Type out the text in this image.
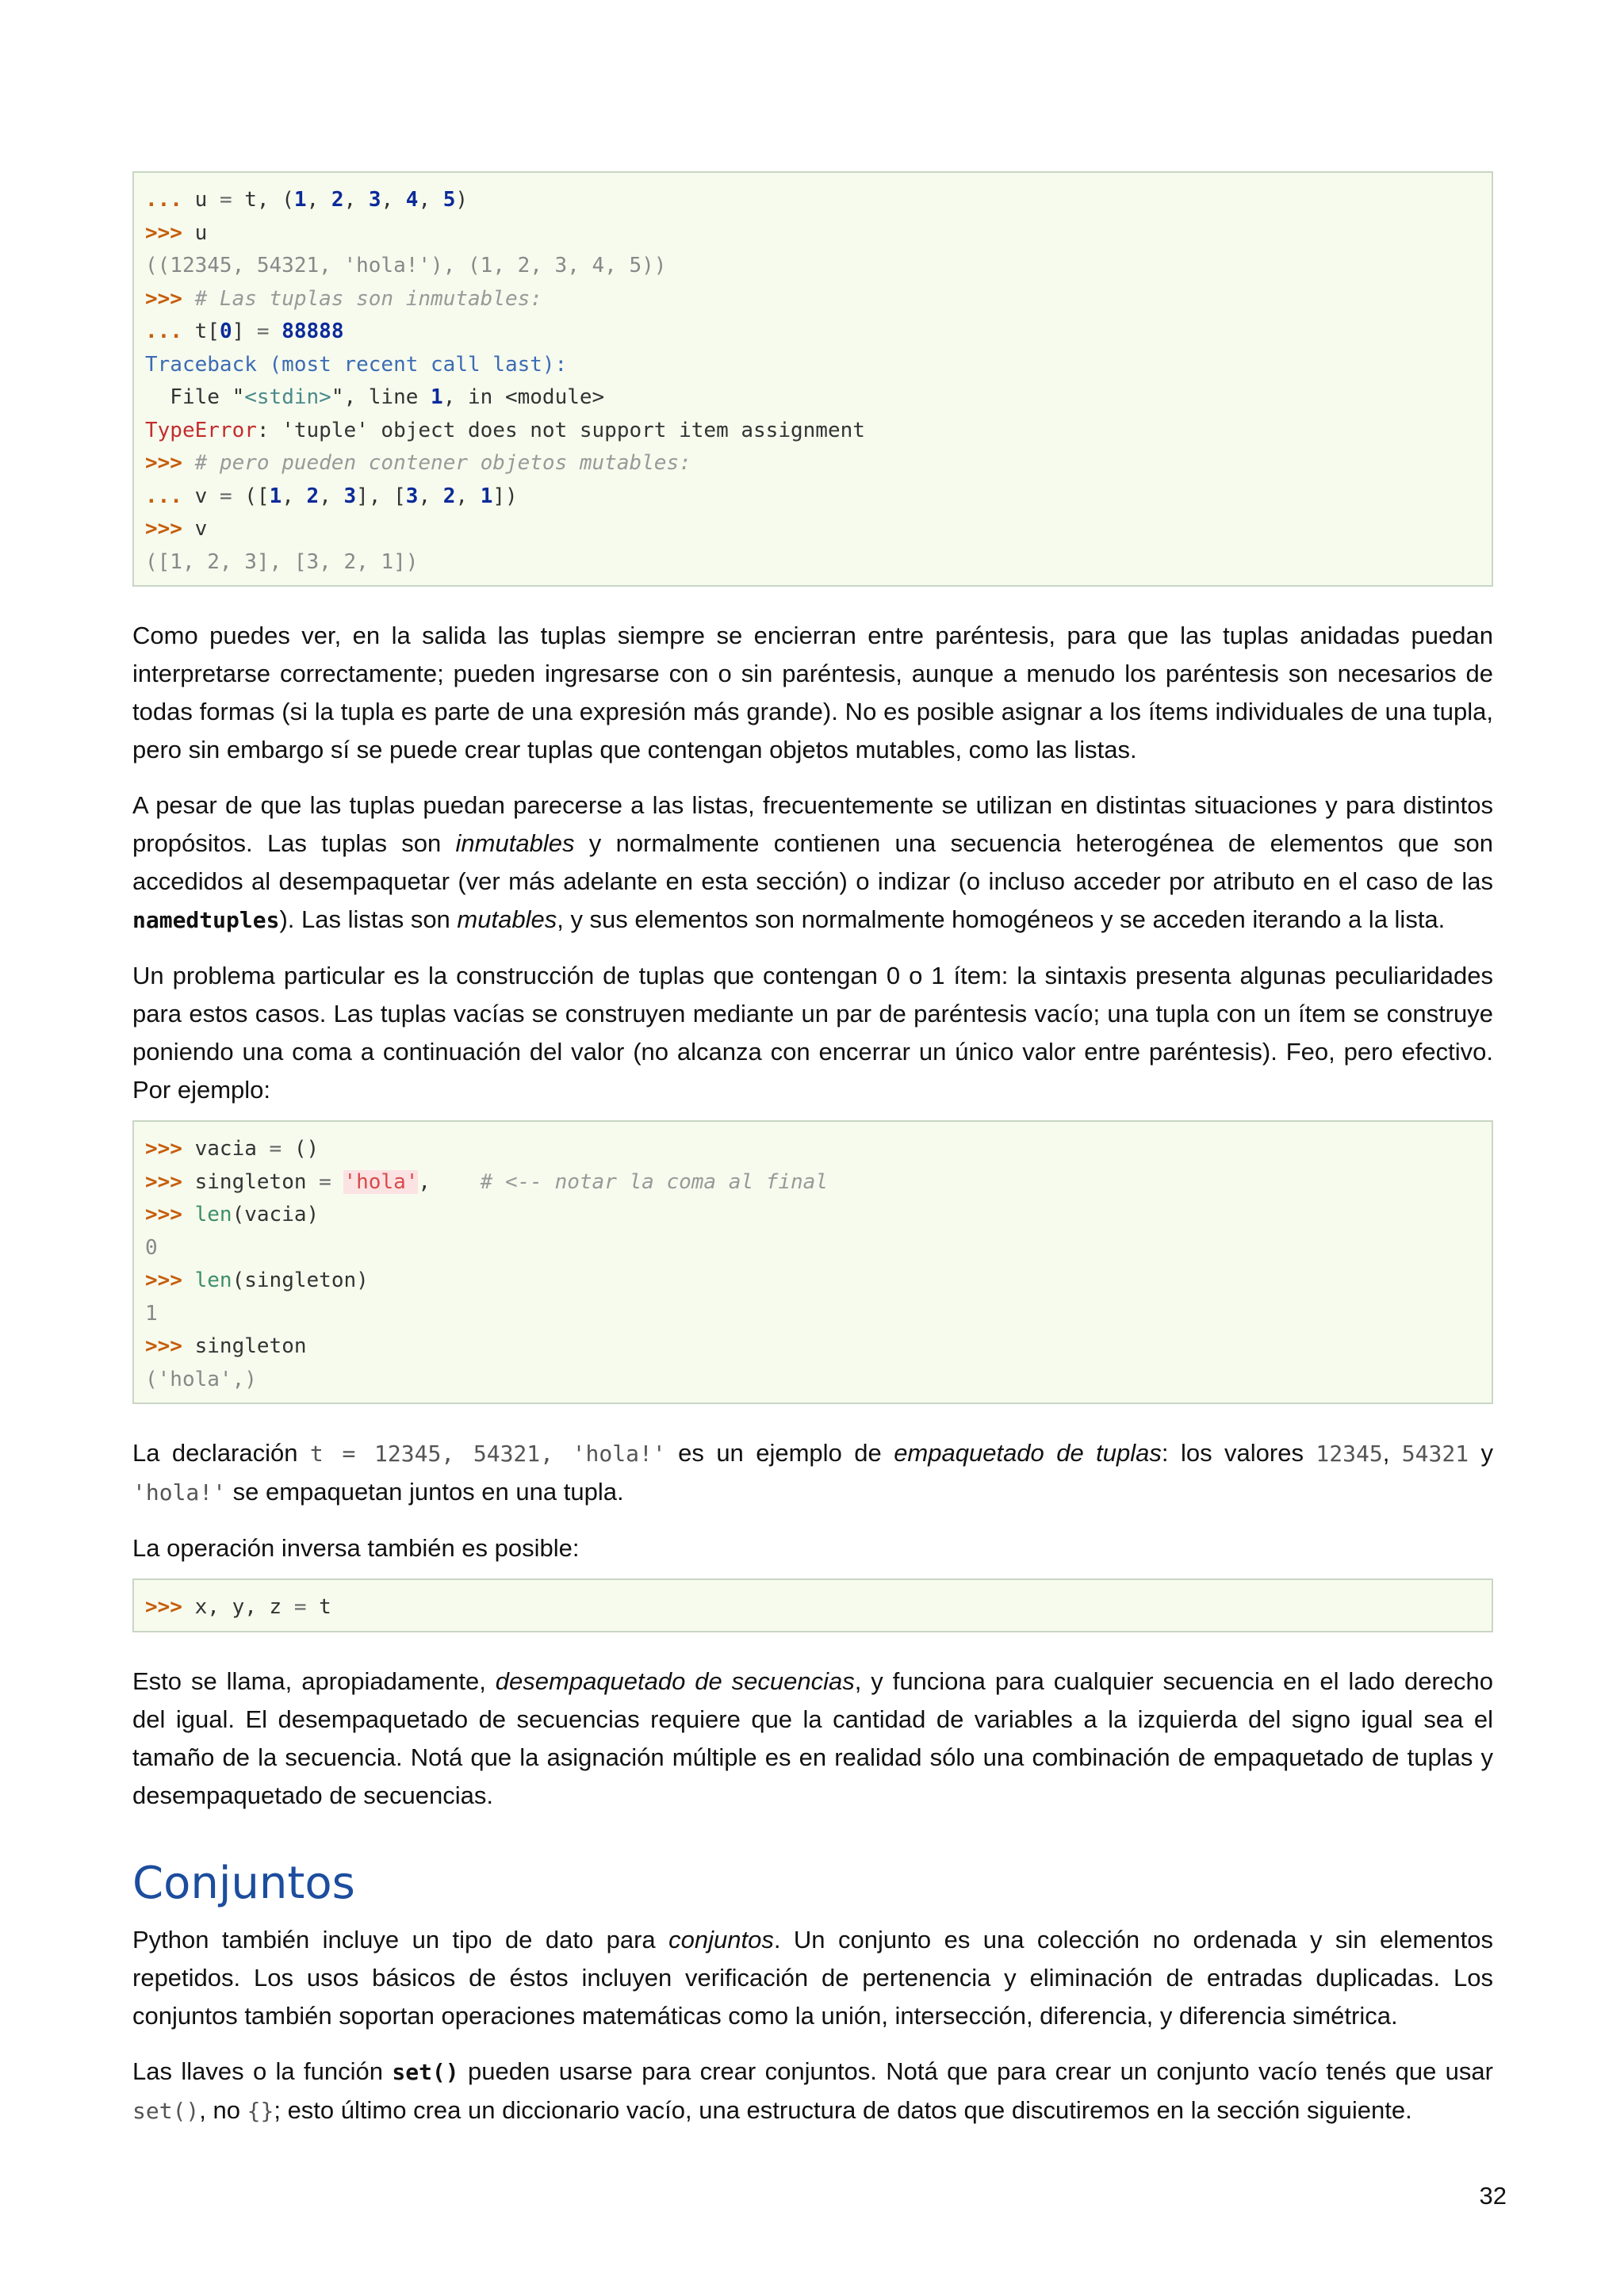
... u = t, (1, 2, 3, 4, 5)
>>> u
((12345, 54321, 'hola!'), (1, 2, 3, 4, 5))
>>> # Las tuplas son inmutables:
... t[0] = 88888
Traceback (most recent call last):
File "<stdin>", line 1, in <module>
TypeError: 'tuple' object does not support item assignment
>>> # pero pueden contener objetos mutables:
... v = ([1, 2, 3], [3, 2, 1])
>>> v
([1, 2, 3], [3, 2, 1])

Como puedes ver, en la salida las tuplas siempre se encierran entre paréntesis, para que las tuplas anidadas puedan interpretarse correctamente; pueden ingresarse con o sin paréntesis, aunque a menudo los paréntesis son necesarios de todas formas (si la tupla es parte de una expresión más grande). No es posible asignar a los ítems individuales de una tupla, pero sin embargo sí se puede crear tuplas que contengan objetos mutables, como las listas.

A pesar de que las tuplas puedan parecerse a las listas, frecuentemente se utilizan en distintas situaciones y para distintos propósitos. Las tuplas son inmutables y normalmente contienen una secuencia heterogénea de elementos que son accedidos al desempaquetar (ver más adelante en esta sección) o indizar (o incluso acceder por atributo en el caso de las namedtuples). Las listas son mutables, y sus elementos son normalmente homogéneos y se acceden iterando a la lista.

Un problema particular es la construcción de tuplas que contengan 0 o 1 ítem: la sintaxis presenta algunas peculiaridades para estos casos. Las tuplas vacías se construyen mediante un par de paréntesis vacío; una tupla con un ítem se construye poniendo una coma a continuación del valor (no alcanza con encerrar un único valor entre paréntesis). Feo, pero efectivo. Por ejemplo:

>>> vacia = ()
>>> singleton = 'hola', # <-- notar la coma al final
>>> len(vacia)
0
>>> len(singleton)
1
>>> singleton
('hola',)

La declaración t = 12345, 54321, 'hola!' es un ejemplo de empaquetado de tuplas: los valores 12345, 54321 y 'hola!' se empaquetan juntos en una tupla.

La operación inversa también es posible:

>>> x, y, z = t

Esto se llama, apropiadamente, desempaquetado de secuencias, y funciona para cualquier secuencia en el lado derecho del igual. El desempaquetado de secuencias requiere que la cantidad de variables a la izquierda del signo igual sea el tamaño de la secuencia. Notá que la asignación múltiple es en realidad sólo una combinación de empaquetado de tuplas y desempaquetado de secuencias.

Conjuntos

Python también incluye un tipo de dato para conjuntos. Un conjunto es una colección no ordenada y sin elementos repetidos. Los usos básicos de éstos incluyen verificación de pertenencia y eliminación de entradas duplicadas. Los conjuntos también soportan operaciones matemáticas como la unión, intersección, diferencia, y diferencia simétrica.

Las llaves o la función set() pueden usarse para crear conjuntos. Notá que para crear un conjunto vacío tenés que usar set(), no {}; esto último crea un diccionario vacío, una estructura de datos que discutiremos en la sección siguiente.

32
